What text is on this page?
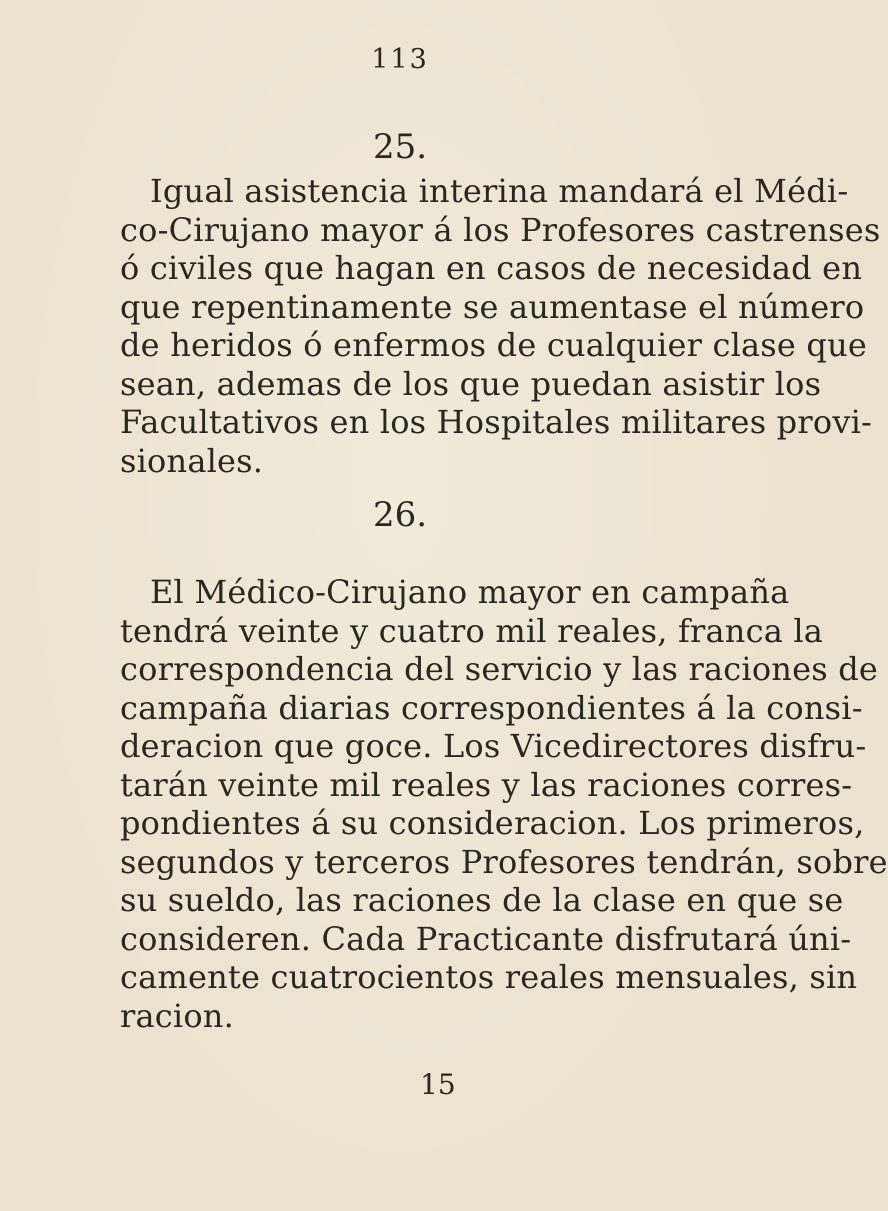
113
25.
Igual asistencia interina mandará el Médi-
co-Cirujano mayor á los Profesores castrenses
ó civiles que hagan en casos de necesidad en
que repentinamente se aumentase el número
de heridos ó enfermos de cualquier clase que
sean, ademas de los que puedan asistir los
Facultativos en los Hospitales militares provi-
sionales.
26.
El Médico-Cirujano mayor en campaña
tendrá veinte y cuatro mil reales, franca la
correspondencia del servicio y las raciones de
campaña diarias correspondientes á la consi-
deracion que goce. Los Vicedirectores disfru-
tarán veinte mil reales y las raciones corres-
pondientes á su consideracion. Los primeros,
segundos y terceros Profesores tendrán, sobre
su sueldo, las raciones de la clase en que se
consideren. Cada Practicante disfrutará úni-
camente cuatrocientos reales mensuales, sin
racion.
15
